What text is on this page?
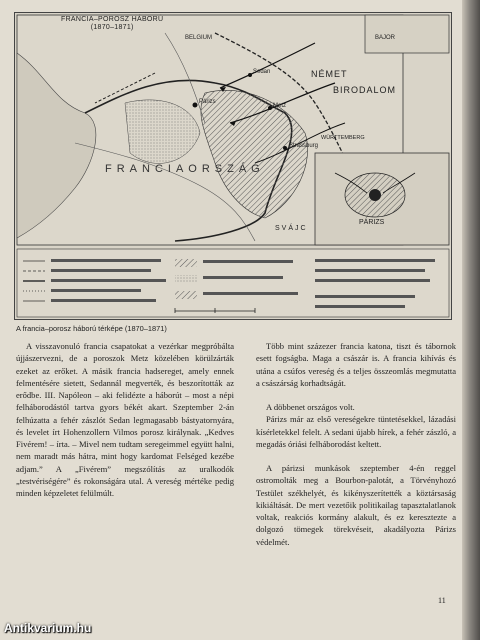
FRANCIA–POROSZ HÁBORÚ
(1870–1871)
BELGIUM
NÉMET
BIRODALOM
FRANCIAORSZÁG
Párizs
Metz
Strassburg
Sedan
WÜRTTEMBERG
BAJOR
SVÁJC
PÁRIZS
A francia–porosz háború térképe (1870–1871)

A visszavonuló francia csapatokat a vezérkar megpróbálta újjászervezni, de a poroszok Metz közelében körülzárták ezeket az erőket. A másik francia hadsereget, amely ennek felmentésére sietett, Sedannál megverték, és beszorították az erődbe. III. Napóleon – aki felidézte a háborút – most a népi felháborodástól tartva gyors békét akart. Szeptember 2-án felhúzatta a fehér zászlót Sedan legmagasabb bástyatornyára, és levelet írt Hohenzollern Vilmos porosz királynak. „Kedves Fivérem! – írta. – Mivel nem tudtam seregeimmel együtt halni, nem maradt más hátra, mint hogy kardomat Felséged kezébe adjam.” A „Fivérem” megszólítás az uralkodók „testvériségére” és rokonságára utal. A vereség mértéke pedig minden képzeletet felülmúlt.

Több mint százezer francia katona, tiszt és tábornok esett fogságba. Maga a császár is. A francia kihívás és utána a csúfos vereség és a teljes összeomlás megmutatta a császárság korhadtságát.

A döbbenet országos volt.

Párizs már az első vereségekre tüntetésekkel, lázadási kísérletekkel felelt. A sedani újabb hírek, a fehér zászló, a megadás óriási felháborodást keltett.

A párizsi munkások szeptember 4-én reggel ostromolták meg a Bourbon-palotát, a Törvényhozó Testület székhelyét, és kikényszerítették a köztársaság kikiáltását. De mert vezetőik politikailag tapasztalatlanok voltak, reakciós kormány alakult, és ez keresztezte a dolgozó tömegek törekvéseit, akadályozta Párizs védelmét.

11
Antikvarium.hu
